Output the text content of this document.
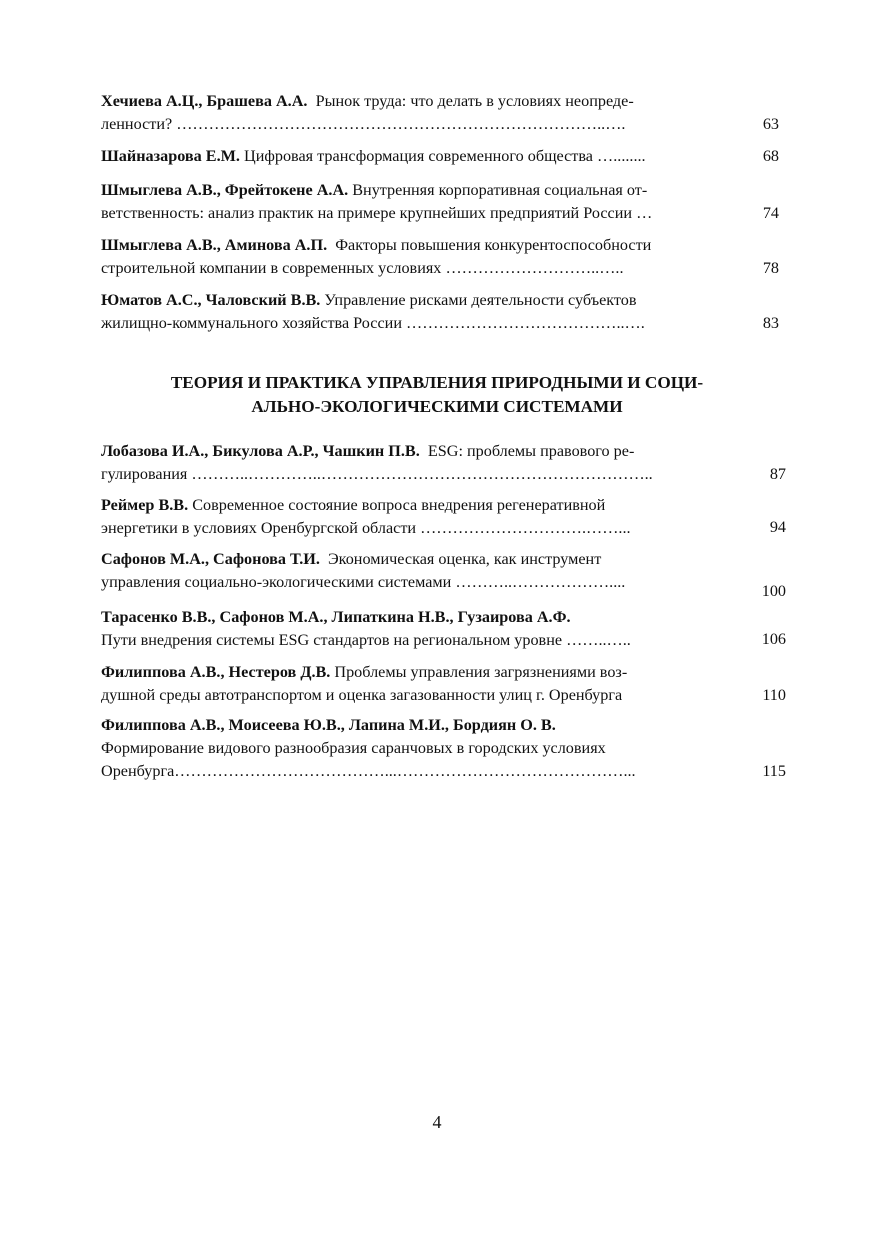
Хечиева А.Ц., Брашева А.А. Рынок труда: что делать в условиях неопреде-
ленности? ……………………………………………………………………..….	63
Шайназарова Е.М. Цифровая трансформация современного общества …........	68
Шмыглева А.В., Фрейтокене А.А. Внутренняя корпоративная социальная от-
ветственность: анализ практик на примере крупнейших предприятий России …	74
Шмыглева А.В., Аминова А.П. Факторы повышения конкурентоспособности
строительной компании в современных условиях ………………………..…..	78
Юматов А.С., Чаловский В.В. Управление рисками деятельности субъектов
жилищно-коммунального хозяйства России …………………………………..….	83
ТЕОРИЯ И ПРАКТИКА УПРАВЛЕНИЯ ПРИРОДНЫМИ И СОЦИ-
АЛЬНО-ЭКОЛОГИЧЕСКИМИ СИСТЕМАМИ
Лобазова И.А., Бикулова А.Р., Чашкин П.В. ESG: проблемы правового ре-
гулирования ………..…………..……………………………………………………..	87
Реймер В.В. Современное состояние вопроса внедрения регенеративной
энергетики в условиях Оренбургской области ………………………….……...	94
Сафонов М.А., Сафонова Т.И. Экономическая оценка, как инструмент
управления социально-экологическими системами ………..………………....	100
Тарасенко В.В., Сафонов М.А., Липаткина Н.В., Гузаирова А.Ф.
Пути внедрения системы ESG стандартов на региональном уровне ……..…..	106
Филиппова А.В., Нестеров Д.В. Проблемы управления загрязнениями воз-
душной среды автотранспортом и оценка загазованности улиц г. Оренбурга	110
Филиппова А.В., Моисеева Ю.В., Лапина М.И., Бордиян О. В.
Формирование видового разнообразия саранчовых в городских условиях
Оренбурга…………………………………...……………………………………...	115
4
